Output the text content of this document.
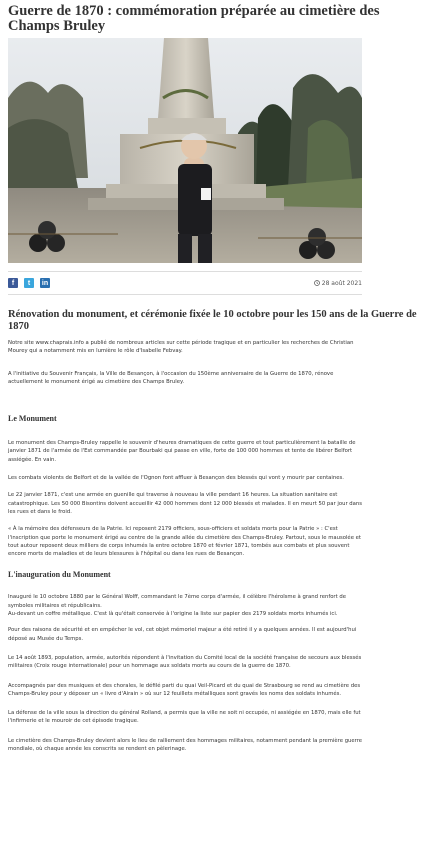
Guerre de 1870 : commémoration préparée au cimetière des Champs Bruley
f	t	in	28 août 2021
Rénovation du monument, et cérémonie fixée le 10 octobre pour les 150 ans de la Guerre de 1870

Notre site www.chaprais.info a publié de nombreux articles sur cette période tragique et en particulier les recherches de Christian Mourey qui a notamment mis en lumière le rôle d'Isabelle Febvay.

A l'initiative du Souvenir Français, la Ville de Besançon, à l'occasion du 150ème anniversaire de la Guerre de 1870, rénove actuellement le monument érigé au cimetière des Champs Bruley.

Le Monument

Le monument des Champs-Bruley rappelle le souvenir d'heures dramatiques de cette guerre et tout particulièrement la bataille de janvier 1871 de l'armée de l'Est commandée par Bourbaki qui passe en ville, forte de 100 000 hommes et tente de libérer Belfort assiégée. En vain.

Les combats violents de Belfort et de la vallée de l'Ognon font affluer à Besançon des blessés qui vont y mourir par centaines.

Le 22 janvier 1871, c'est une armée en guenille qui traverse à nouveau la ville pendant 16 heures. La situation sanitaire est catastrophique. Les 50 000 Bisontins doivent accueillir 42 000 hommes dont 12 000 blessés et malades. Il en meurt 50 par jour dans les rues et dans le froid.

« À la mémoire des défenseurs de la Patrie. Ici reposent 2179 officiers, sous-officiers et soldats morts pour la Patrie » : C'est l'inscription que porte le monument érigé au centre de la grande allée du cimetière des Champs-Bruley. Partout, sous le mausolée et tout autour reposent deux milliers de corps inhumés la entre octobre 1870 et février 1871, tombés aux combats et plus souvent encore morts de maladies et de leurs blessures à l'hôpital ou dans les rues de Besançon.

L'inauguration du Monument

Inauguré le 10 octobre 1880 par le Général Wolff, commandant le 7ème corps d'armée, il célèbre l'héroïsme à grand renfort de symboles militaires et républicains.

Au-devant un coffre métallique. C'est là qu'était conservée à l'origine la liste sur papier des 2179 soldats morts inhumés ici.

Pour des raisons de sécurité et en empêcher le vol, cet objet mémoriel majeur a été retiré il y a quelques années. Il est aujourd'hui déposé au Musée du Temps.

Le 14 août 1893, population, armée, autorités répondent à l'invitation du Comité local de la société française de secours aux blessés militaires (Croix rouge internationale) pour un hommage aux soldats morts au cours de la guerre de 1870.

Accompagnés par des musiques et des chorales, le défilé parti du quai Veil-Picard et du quai de Strasbourg se rend au cimetière des Champs-Bruley pour y déposer un « livre d'Airain » où sur 12 feuillets métalliques sont gravés les noms des soldats inhumés.

La défense de la ville sous la direction du général Rolland, a permis que la ville ne soit ni occupée, ni assiégée en 1870, mais elle fut l'infirmerie et le mouroir de cet épisode tragique.

Le cimetière des Champs-Bruley devient alors le lieu de ralliement des hommages militaires, notamment pendant la première guerre mondiale, où chaque année les conscrits se rendent en pèlerinage.
